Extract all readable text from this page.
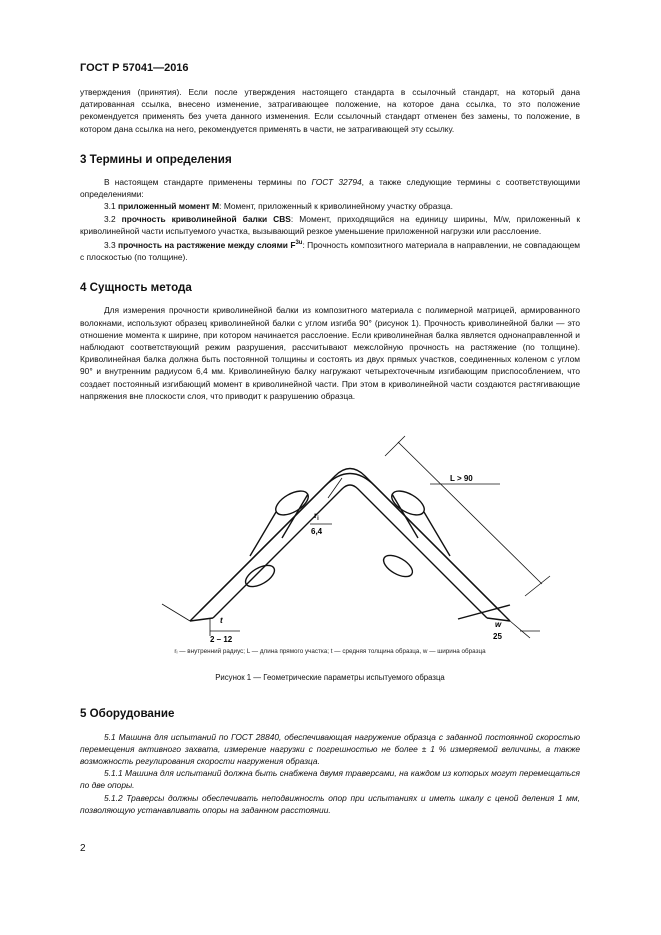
ГОСТ Р 57041—2016

утверждения (принятия). Если после утверждения настоящего стандарта в ссылочный стандарт, на который дана датированная ссылка, внесено изменение, затрагивающее положение, на которое дана ссылка, то это положение рекомендуется применять без учета данного изменения. Если ссылочный стандарт отменен без замены, то положение, в котором дана ссылка на него, рекомендуется применять в части, не затрагивающей эту ссылку.

3 Термины и определения

В настоящем стандарте применены термины по ГОСТ 32794, а также следующие термины с соответствующими определениями:

3.1 приложенный момент M: Момент, приложенный к криволинейному участку образца.

3.2 прочность криволинейной балки CBS: Момент, приходящийся на единицу ширины, M/w, приложенный к криволинейной части испытуемого участка, вызывающий резкое уменьшение приложенной нагрузки или расслоение.

3.3 прочность на растяжение между слоями $F^{3u}$: Прочность композитного материала в направлении, не совпадающем с плоскостью (по толщине).

4 Сущность метода

Для измерения прочности криволинейной балки из композитного материала с полимерной матрицей, армированного волокнами, используют образец криволинейной балки с углом изгиба 90° (рисунок 1). Прочность криволинейной балки — это отношение момента к ширине, при котором начинается расслоение. Если криволинейная балка является однонаправленной и наблюдают соответствующий режим разрушения, рассчитывают межслойную прочность на растяжение (по толщине). Криволинейная балка должна быть постоянной толщины и состоять из двух прямых участков, соединенных коленом с углом 90° и внутренним радиусом 6,4 мм. Криволинейную балку нагружают четырехточечным изгибающим приспособлением, что создает постоянный изгибающий момент в криволинейной части. При этом в криволинейной части создаются растягивающие напряжения вне плоскости слоя, что приводит к разрушению образца.

L > 90
$r_i$
6,4
t
2 – 12
w
25
rᵢ — внутренний радиус; L — длина прямого участка; t — средняя толщина образца, w — ширина образца
Рисунок 1 — Геометрические параметры испытуемого образца
5 Оборудование

5.1 Машина для испытаний по ГОСТ 28840, обеспечивающая нагружение образца с заданной постоянной скоростью перемещения активного захвата, измерение нагрузки с погрешностью не более ± 1 % измеряемой величины, а также возможность регулирования скорости нагружения образца.

5.1.1 Машина для испытаний должна быть снабжена двумя траверсами, на каждом из которых могут перемещаться по две опоры.

5.1.2 Траверсы должны обеспечивать неподвижность опор при испытаниях и иметь шкалу с ценой деления 1 мм, позволяющую устанавливать опоры на заданном расстоянии.

2
